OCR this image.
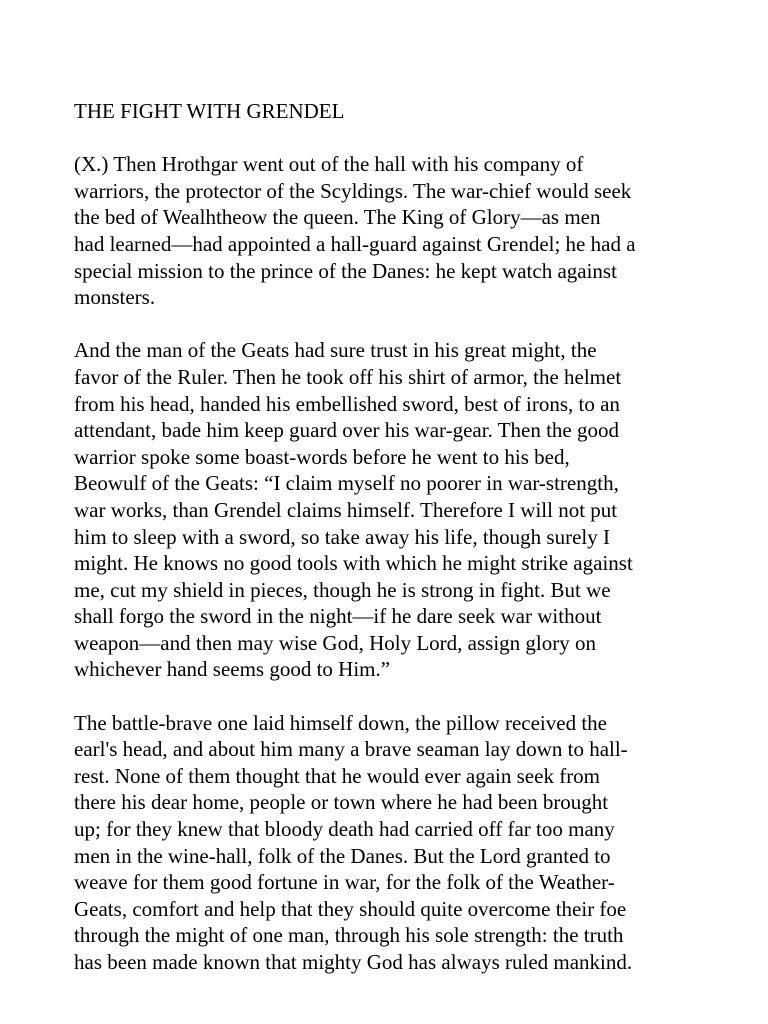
THE FIGHT WITH GRENDEL
(X.) Then Hrothgar went out of the hall with his company of
warriors, the protector of the Scyldings. The war-chief would seek
the bed of Wealhtheow the queen. The King of Glory—as men
had learned—had appointed a hall-guard against Grendel; he had a
special mission to the prince of the Danes: he kept watch against
monsters.
And the man of the Geats had sure trust in his great might, the
favor of the Ruler. Then he took off his shirt of armor, the helmet
from his head, handed his embellished sword, best of irons, to an
attendant, bade him keep guard over his war-gear. Then the good
warrior spoke some boast-words before he went to his bed,
Beowulf of the Geats: “I claim myself no poorer in war-strength,
war works, than Grendel claims himself. Therefore I will not put
him to sleep with a sword, so take away his life, though surely I
might. He knows no good tools with which he might strike against
me, cut my shield in pieces, though he is strong in fight. But we
shall forgo the sword in the night—if he dare seek war without
weapon—and then may wise God, Holy Lord, assign glory on
whichever hand seems good to Him.”
The battle-brave one laid himself down, the pillow received the
earl's head, and about him many a brave seaman lay down to hall-
rest. None of them thought that he would ever again seek from
there his dear home, people or town where he had been brought
up; for they knew that bloody death had carried off far too many
men in the wine-hall, folk of the Danes. But the Lord granted to
weave for them good fortune in war, for the folk of the Weather-
Geats, comfort and help that they should quite overcome their foe
through the might of one man, through his sole strength: the truth
has been made known that mighty God has always ruled mankind.
